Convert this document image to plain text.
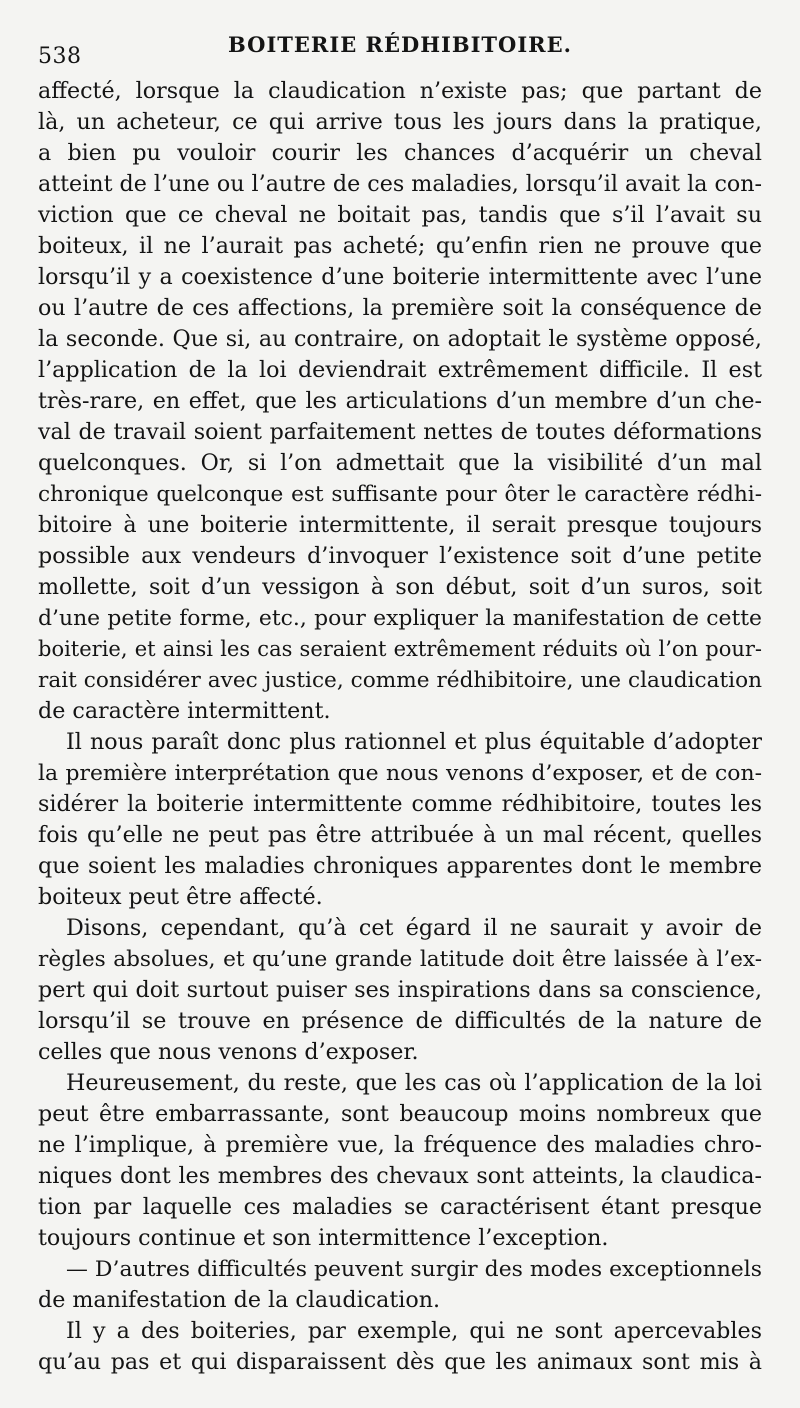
538	BOITERIE RÉDHIBITOIRE.
affecté, lorsque la claudication n’existe pas; que partant de
là, un acheteur, ce qui arrive tous les jours dans la pratique,
a bien pu vouloir courir les chances d’acquérir un cheval
atteint de l’une ou l’autre de ces maladies, lorsqu’il avait la con-
viction que ce cheval ne boitait pas, tandis que s’il l’avait su
boiteux, il ne l’aurait pas acheté; qu’enfin rien ne prouve que
lorsqu’il y a coexistence d’une boiterie intermittente avec l’une
ou l’autre de ces affections, la première soit la conséquence de
la seconde. Que si, au contraire, on adoptait le système opposé,
l’application de la loi deviendrait extrêmement difficile. Il est
très-rare, en effet, que les articulations d’un membre d’un che-
val de travail soient parfaitement nettes de toutes déformations
quelconques. Or, si l’on admettait que la visibilité d’un mal
chronique quelconque est suffisante pour ôter le caractère rédhi-
bitoire à une boiterie intermittente, il serait presque toujours
possible aux vendeurs d’invoquer l’existence soit d’une petite
mollette, soit d’un vessigon à son début, soit d’un suros, soit
d’une petite forme, etc., pour expliquer la manifestation de cette
boiterie, et ainsi les cas seraient extrêmement réduits où l’on pour-
rait considérer avec justice, comme rédhibitoire, une claudication
de caractère intermittent.
Il nous paraît donc plus rationnel et plus équitable d’adopter
la première interprétation que nous venons d’exposer, et de con-
sidérer la boiterie intermittente comme rédhibitoire, toutes les
fois qu’elle ne peut pas être attribuée à un mal récent, quelles
que soient les maladies chroniques apparentes dont le membre
boiteux peut être affecté.
Disons, cependant, qu’à cet égard il ne saurait y avoir de
règles absolues, et qu’une grande latitude doit être laissée à l’ex-
pert qui doit surtout puiser ses inspirations dans sa conscience,
lorsqu’il se trouve en présence de difficultés de la nature de
celles que nous venons d’exposer.
Heureusement, du reste, que les cas où l’application de la loi
peut être embarrassante, sont beaucoup moins nombreux que
ne l’implique, à première vue, la fréquence des maladies chro-
niques dont les membres des chevaux sont atteints, la claudica-
tion par laquelle ces maladies se caractérisent étant presque
toujours continue et son intermittence l’exception.
— D’autres difficultés peuvent surgir des modes exceptionnels
de manifestation de la claudication.
Il y a des boiteries, par exemple, qui ne sont apercevables
qu’au pas et qui disparaissent dès que les animaux sont mis à
